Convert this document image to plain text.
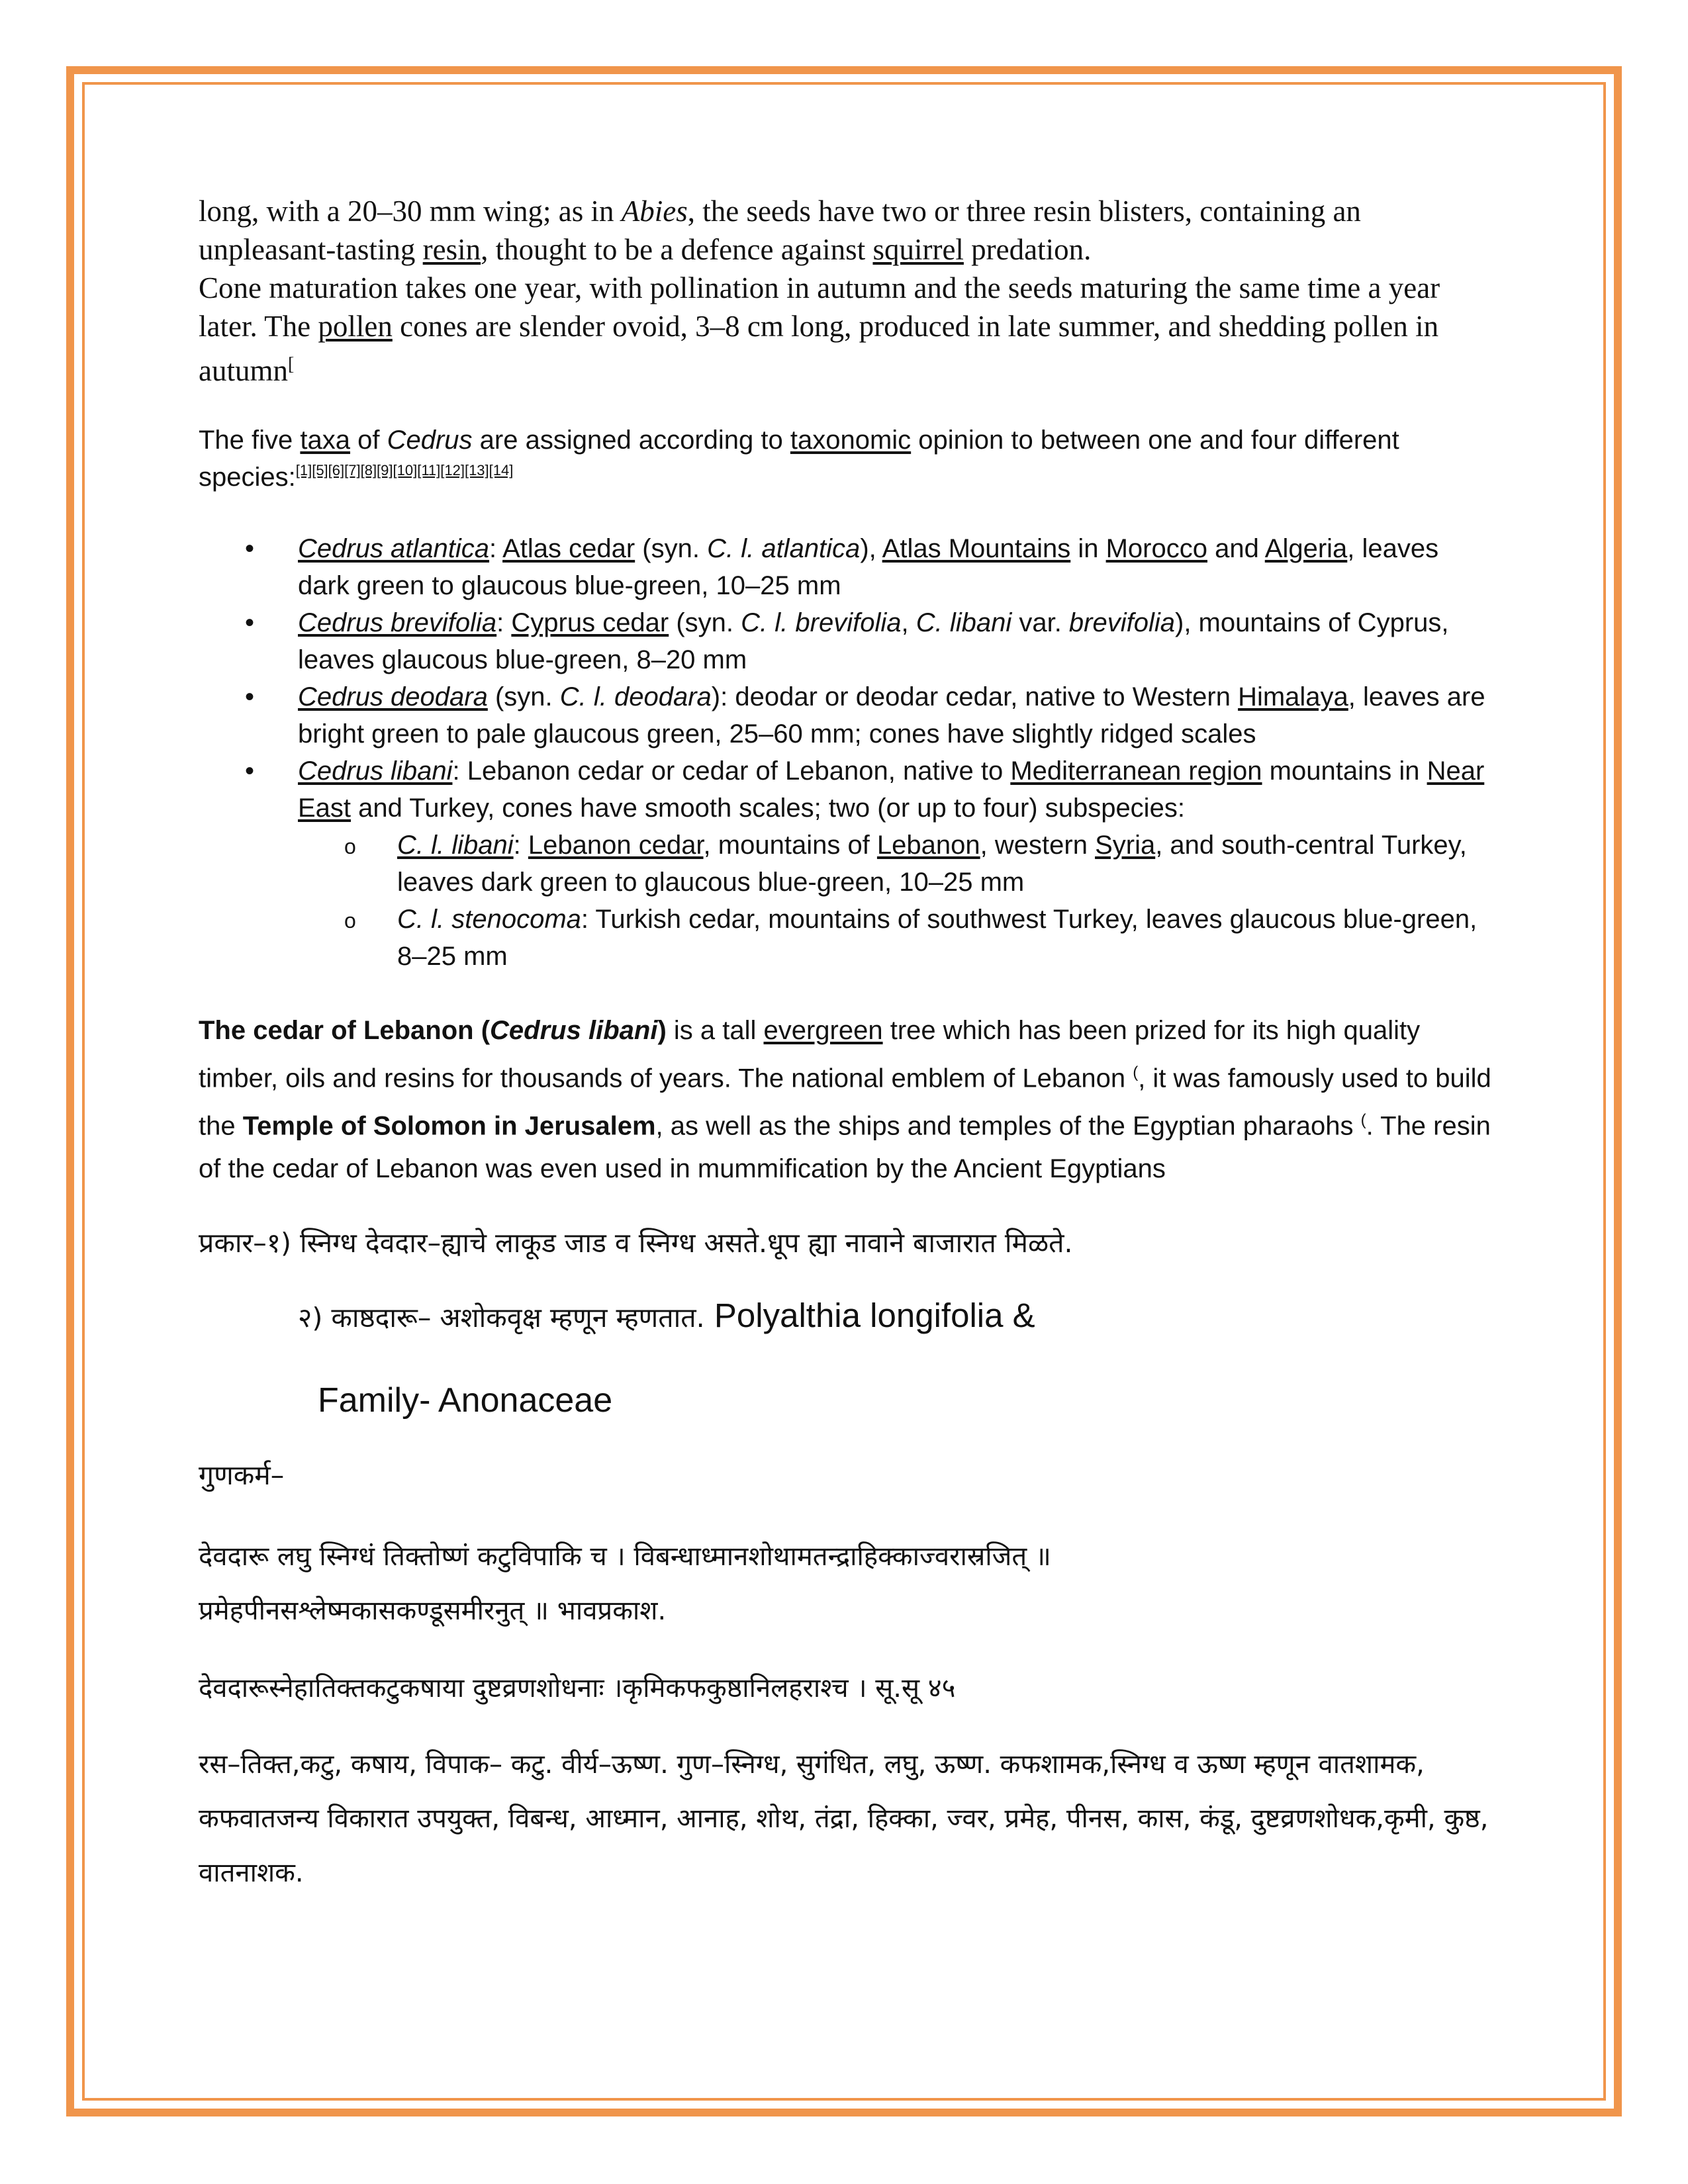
long, with a 20–30 mm wing; as in Abies, the seeds have two or three resin blisters, containing an unpleasant-tasting resin, thought to be a defence against squirrel predation.

Cone maturation takes one year, with pollination in autumn and the seeds maturing the same time a year later. The pollen cones are slender ovoid, 3–8 cm long, produced in late summer, and shedding pollen in autumn[

The five taxa of Cedrus are assigned according to taxonomic opinion to between one and four different species:[1][5][6][7][8][9][10][11][12][13][14]

• Cedrus atlantica: Atlas cedar (syn. C. l. atlantica), Atlas Mountains in Morocco and Algeria, leaves dark green to glaucous blue-green, 10–25 mm
• Cedrus brevifolia: Cyprus cedar (syn. C. l. brevifolia, C. libani var. brevifolia), mountains of Cyprus, leaves glaucous blue-green, 8–20 mm
• Cedrus deodara (syn. C. l. deodara): deodar or deodar cedar, native to Western Himalaya, leaves are bright green to pale glaucous green, 25–60 mm; cones have slightly ridged scales
• Cedrus libani: Lebanon cedar or cedar of Lebanon, native to Mediterranean region mountains in Near East and Turkey, cones have smooth scales; two (or up to four) subspecies:
o C. l. libani: Lebanon cedar, mountains of Lebanon, western Syria, and south-central Turkey, leaves dark green to glaucous blue-green, 10–25 mm
o C. l. stenocoma: Turkish cedar, mountains of southwest Turkey, leaves glaucous blue-green, 8–25 mm

The cedar of Lebanon (Cedrus libani) is a tall evergreen tree which has been prized for its high quality timber, oils and resins for thousands of years. The national emblem of Lebanon (, it was famously used to build the Temple of Solomon in Jerusalem, as well as the ships and temples of the Egyptian pharaohs (. The resin of the cedar of Lebanon was even used in mummification by the Ancient Egyptians

प्रकार–१) स्निग्ध देवदार–ह्याचे लाकूड जाड व स्निग्ध असते.धूप ह्या नावाने बाजारात मिळते.

२) काष्ठदारू– अशोकवृक्ष म्हणून म्हणतात. Polyalthia longifolia &

Family- Anonaceae

गुणकर्म–

देवदारू लघु स्निग्धं तिक्तोष्णं कटुविपाकि च । विबन्धाध्मानशोथामतन्द्राहिक्काज्वरास्रजित् ॥
प्रमेहपीनसश्लेष्मकासकण्डूसमीरनुत् ॥ भावप्रकाश.

देवदारूस्नेहातिक्तकटुकषाया दुष्टव्रणशोधनाः ।कृमिकफकुष्ठानिलहराश्च । सू.सू ४५

रस–तिक्त,कटु, कषाय, विपाक– कटु. वीर्य–ऊष्ण. गुण–स्निग्ध, सुगंधित, लघु, ऊष्ण. कफशामक,स्निग्ध व ऊष्ण म्हणून वातशामक, कफवातजन्य विकारात उपयुक्त, विबन्ध, आध्मान, आनाह, शोथ, तंद्रा, हिक्का, ज्वर, प्रमेह, पीनस, कास, कंडू, दुष्टव्रणशोधक,कृमी, कुष्ठ, वातनाशक.
